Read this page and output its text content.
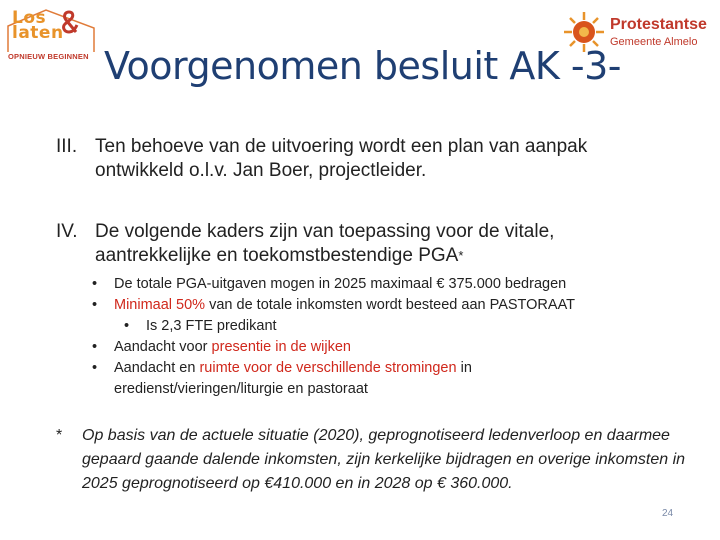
Los
laten
OPNIEUW BEGINNEN
Protestantse
Gemeente Almelo
Voorgenomen besluit AK -3-
III. Ten behoeve van de uitvoering wordt een plan van aanpak ontwikkeld o.l.v. Jan Boer, projectleider.
IV. De volgende kaders zijn van toepassing voor de vitale, aantrekkelijke en toekomstbestendige PGA*
• De totale PGA-uitgaven mogen in 2025 maximaal € 375.000 bedragen
• Minimaal 50% van de totale inkomsten wordt besteed aan PASTORAAT
• Is 2,3 FTE predikant
• Aandacht voor presentie in de wijken
• Aandacht en ruimte voor de verschillende stromingen in
eredienst/vieringen/liturgie en pastoraat
* Op basis van de actuele situatie (2020), geprognotiseerd ledenverloop en daarmee gepaard gaande dalende inkomsten, zijn kerkelijke bijdragen en overige inkomsten in 2025 geprognotiseerd op €410.000 en in 2028 op € 360.000.
24
